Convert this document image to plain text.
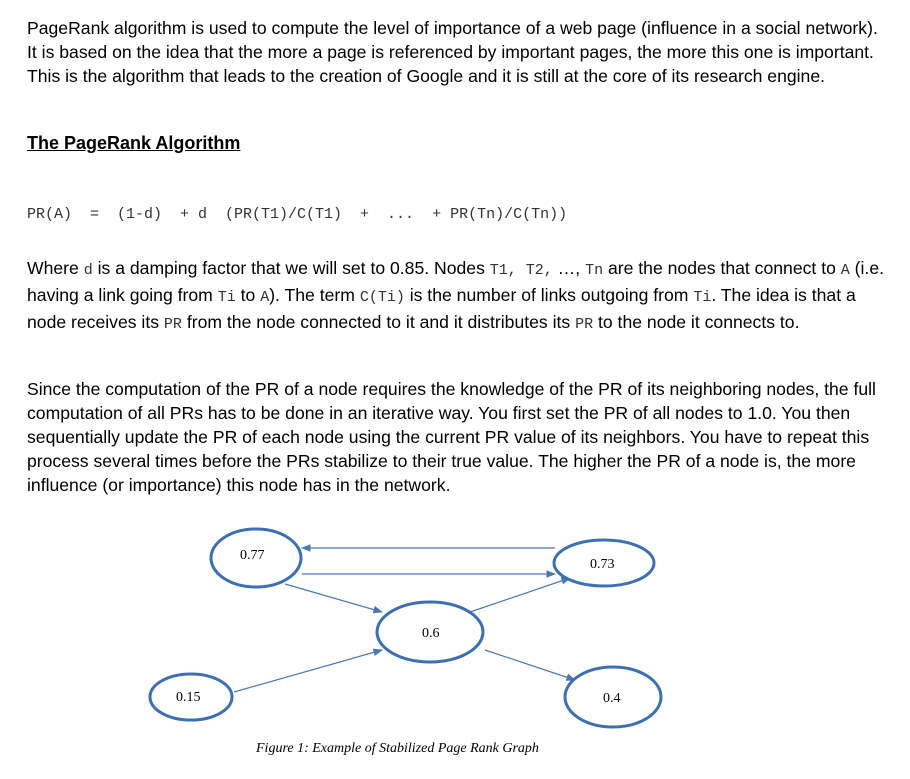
PageRank algorithm is used to compute the level of importance of a web page (influence in a social network). It is based on the idea that the more a page is referenced by important pages, the more this one is important. This is the algorithm that leads to the creation of Google and it is still at the core of its research engine.

The PageRank Algorithm
PR(A)  =  (1-d)  + d  (PR(T1)/C(T1)  +  ...  + PR(Tn)/C(Tn))

Where d is a damping factor that we will set to 0.85. Nodes T1, T2, …, Tn are the nodes that connect to A (i.e. having a link going from Ti to A). The term C(Ti) is the number of links outgoing from Ti. The idea is that a node receives its PR from the node connected to it and it distributes its PR to the node it connects to.

Since the computation of the PR of a node requires the knowledge of the PR of its neighboring nodes, the full computation of all PRs has to be done in an iterative way. You first set the PR of all nodes to 1.0. You then sequentially update the PR of each node using the current PR value of its neighbors. You have to repeat this process several times before the PRs stabilize to their true value. The higher the PR of a node is, the more influence (or importance) this node has in the network.

0.77
0.73
0.6
0.15	0.4
Figure 1: Example of Stabilized Page Rank Graph
